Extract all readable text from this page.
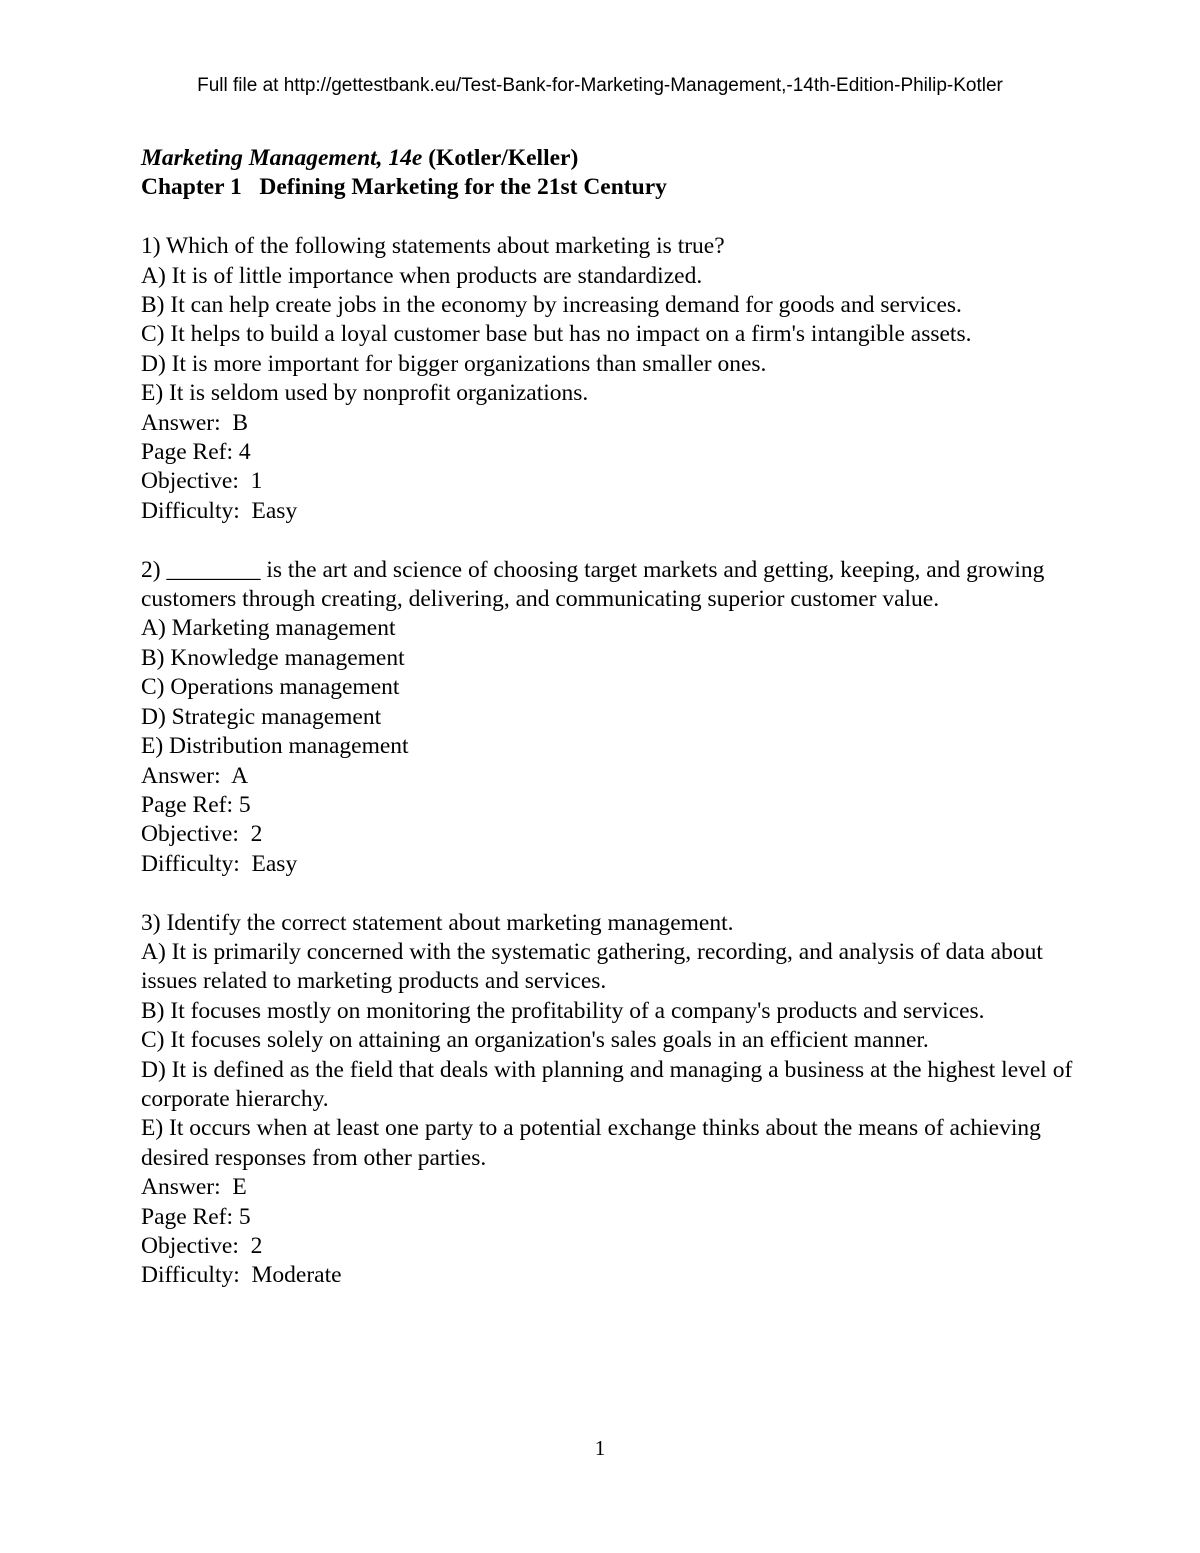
Full file at http://gettestbank.eu/Test-Bank-for-Marketing-Management,-14th-Edition-Philip-Kotler
Marketing Management, 14e (Kotler/Keller)
Chapter 1   Defining Marketing for the 21st Century
1) Which of the following statements about marketing is true?
A) It is of little importance when products are standardized.
B) It can help create jobs in the economy by increasing demand for goods and services.
C) It helps to build a loyal customer base but has no impact on a firm's intangible assets.
D) It is more important for bigger organizations than smaller ones.
E) It is seldom used by nonprofit organizations.
Answer:  B
Page Ref: 4
Objective:  1
Difficulty:  Easy
2) ________ is the art and science of choosing target markets and getting, keeping, and growing customers through creating, delivering, and communicating superior customer value.
A) Marketing management
B) Knowledge management
C) Operations management
D) Strategic management
E) Distribution management
Answer:  A
Page Ref: 5
Objective:  2
Difficulty:  Easy
3) Identify the correct statement about marketing management.
A) It is primarily concerned with the systematic gathering, recording, and analysis of data about issues related to marketing products and services.
B) It focuses mostly on monitoring the profitability of a company's products and services.
C) It focuses solely on attaining an organization's sales goals in an efficient manner.
D) It is defined as the field that deals with planning and managing a business at the highest level of corporate hierarchy.
E) It occurs when at least one party to a potential exchange thinks about the means of achieving desired responses from other parties.
Answer:  E
Page Ref: 5
Objective:  2
Difficulty:  Moderate
1
